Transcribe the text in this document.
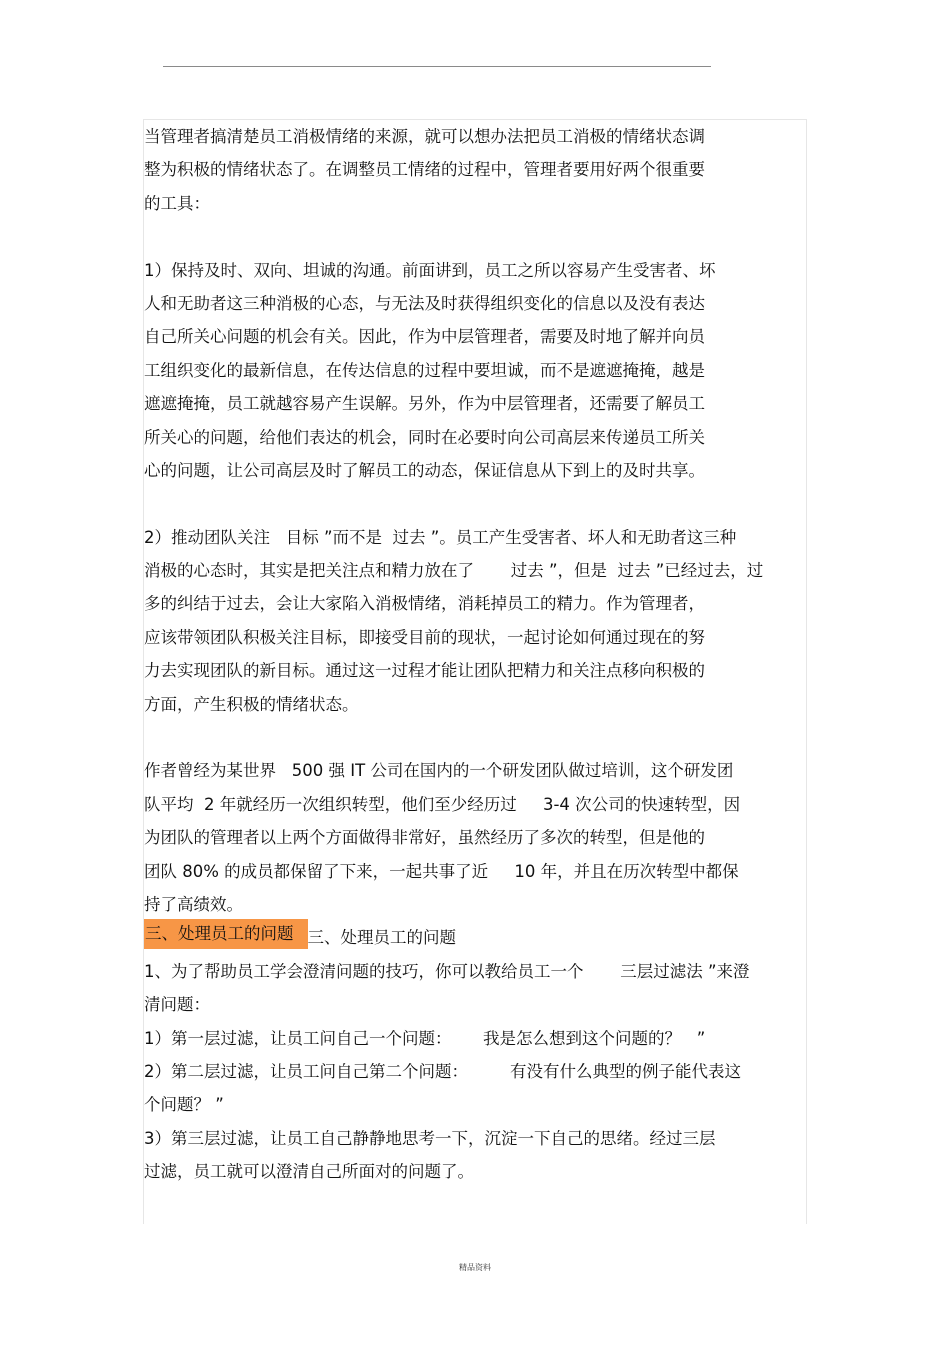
当管理者搞清楚员工消极情绪的来源，就可以想办法把员工消极的情绪状态调
整为积极的情绪状态了。在调整员工情绪的过程中，管理者要用好两个很重要
的工具：
1）保持及时、双向、坦诚的沟通。前面讲到，员工之所以容易产生受害者、坏
人和无助者这三种消极的心态，与无法及时获得组织变化的信息以及没有表达
自己所关心问题的机会有关。因此，作为中层管理者，需要及时地了解并向员
工组织变化的最新信息，在传达信息的过程中要坦诚，而不是遮遮掩掩，越是
遮遮掩掩，员工就越容易产生误解。另外，作为中层管理者，还需要了解员工
所关心的问题，给他们表达的机会，同时在必要时向公司高层来传递员工所关
心的问题，让公司高层及时了解员工的动态，保证信息从下到上的及时共享。
2）推动团队关注   目标 ”而不是  过去 ”。员工产生受害者、坏人和无助者这三种
消极的心态时，其实是把关注点和精力放在了       过去 ”，但是  过去 ”已经过去，过
多的纠结于过去，会让大家陷入消极情绪，消耗掉员工的精力。作为管理者，
应该带领团队积极关注目标，即接受目前的现状，一起讨论如何通过现在的努
力去实现团队的新目标。通过这一过程才能让团队把精力和关注点移向积极的
方面，产生积极的情绪状态。
作者曾经为某世界   500 强 IT 公司在国内的一个研发团队做过培训，这个研发团
队平均  2 年就经历一次组织转型，他们至少经历过     3-4 次公司的快速转型，因
为团队的管理者以上两个方面做得非常好，虽然经历了多次的转型，但是他的
团队 80% 的成员都保留了下来，一起共事了近     10 年，并且在历次转型中都保
持了高绩效。
三、处理员工的问题 三、处理员工的问题
1、为了帮助员工学会澄清问题的技巧，你可以教给员工一个       三层过滤法 ”来澄
清问题：
1）第一层过滤，让员工问自己一个问题：      我是怎么想到这个问题的？   ”
2）第二层过滤，让员工问自己第二个问题：        有没有什么典型的例子能代表这
个问题？ ”
3）第三层过滤，让员工自己静静地思考一下，沉淀一下自己的思绪。经过三层
过滤，员工就可以澄清自己所面对的问题了。
精品资料
